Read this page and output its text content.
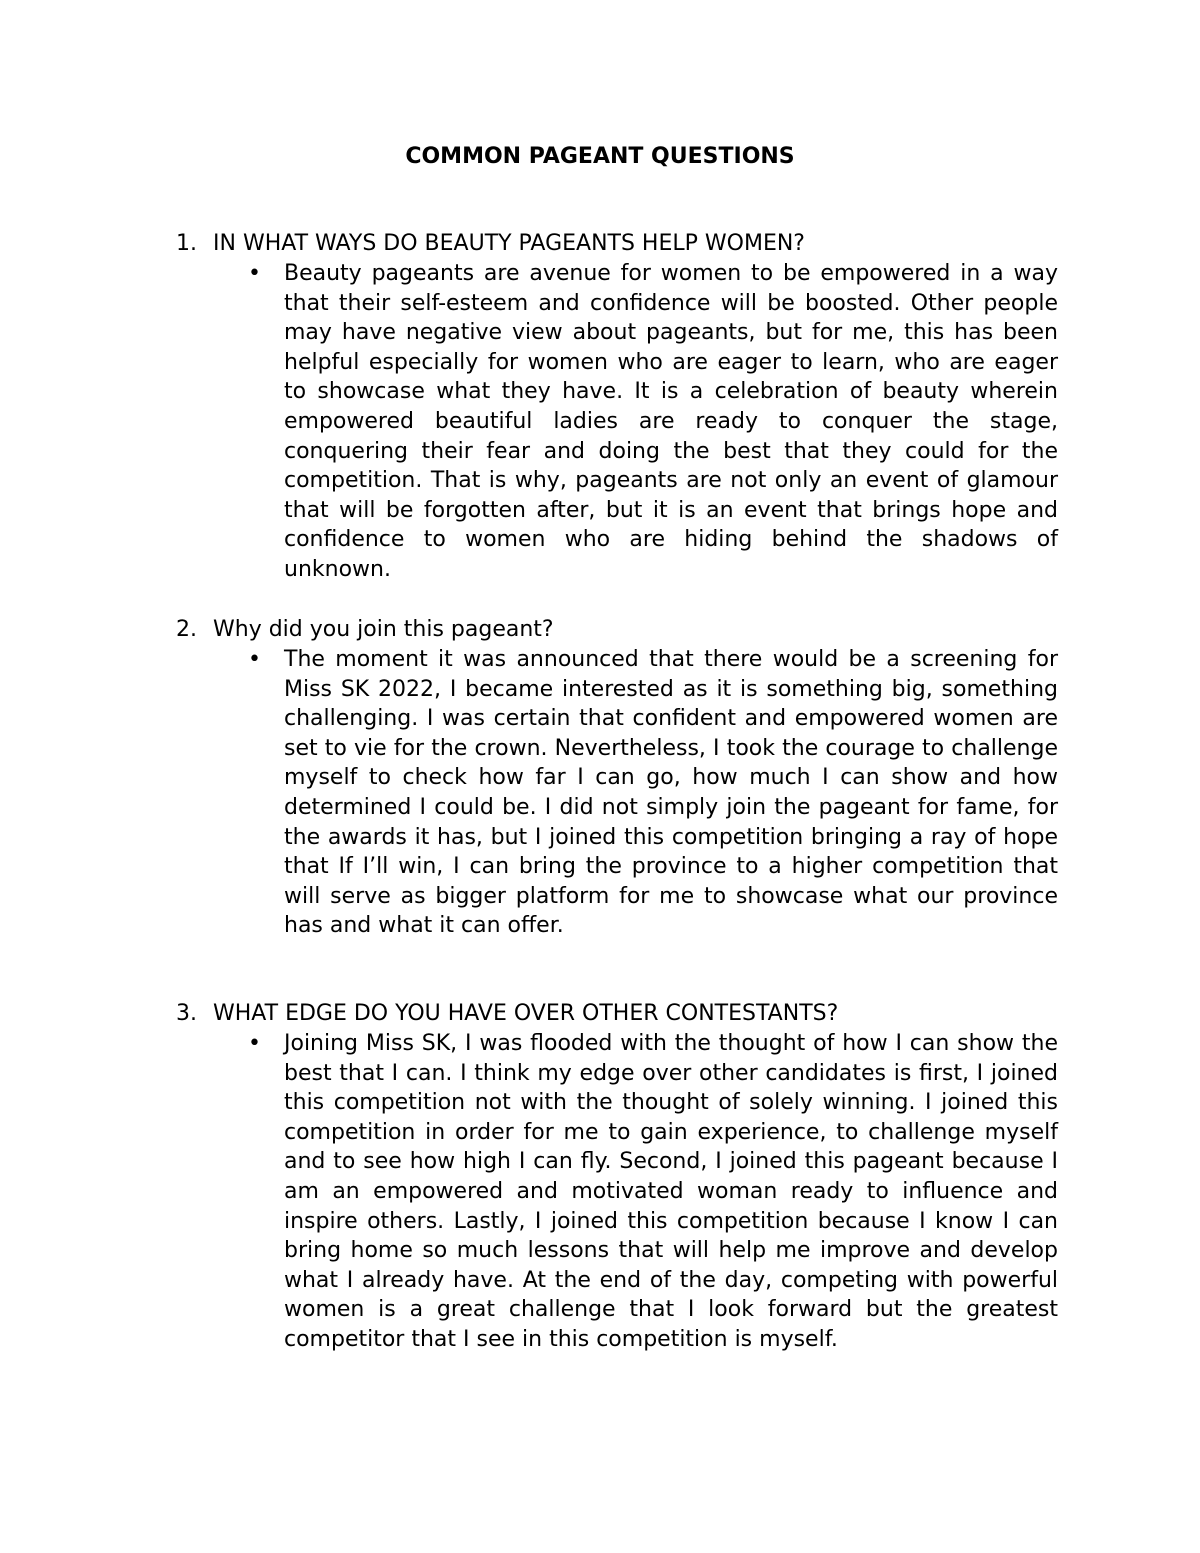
COMMON PAGEANT QUESTIONS
1. IN WHAT WAYS DO BEAUTY PAGEANTS HELP WOMEN?
• Beauty pageants are avenue for women to be empowered in a way that their self-esteem and confidence will be boosted. Other people may have negative view about pageants, but for me, this has been helpful especially for women who are eager to learn, who are eager to showcase what they have. It is a celebration of beauty wherein empowered beautiful ladies are ready to conquer the stage, conquering their fear and doing the best that they could for the competition. That is why, pageants are not only an event of glamour that will be forgotten after, but it is an event that brings hope and confidence to women who are hiding behind the shadows of unknown.

2. Why did you join this pageant?
• The moment it was announced that there would be a screening for Miss SK 2022, I became interested as it is something big, something challenging. I was certain that confident and empowered women are set to vie for the crown. Nevertheless, I took the courage to challenge myself to check how far I can go, how much I can show and how determined I could be. I did not simply join the pageant for fame, for the awards it has, but I joined this competition bringing a ray of hope that If I’ll win, I can bring the province to a higher competition that will serve as bigger platform for me to showcase what our province has and what it can offer.

3. WHAT EDGE DO YOU HAVE OVER OTHER CONTESTANTS?
• Joining Miss SK, I was flooded with the thought of how I can show the best that I can. I think my edge over other candidates is first, I joined this competition not with the thought of solely winning. I joined this competition in order for me to gain experience, to challenge myself and to see how high I can fly. Second, I joined this pageant because I am an empowered and motivated woman ready to influence and inspire others. Lastly, I joined this competition because I know I can bring home so much lessons that will help me improve and develop what I already have. At the end of the day, competing with powerful women is a great challenge that I look forward but the greatest competitor that I see in this competition is myself.
